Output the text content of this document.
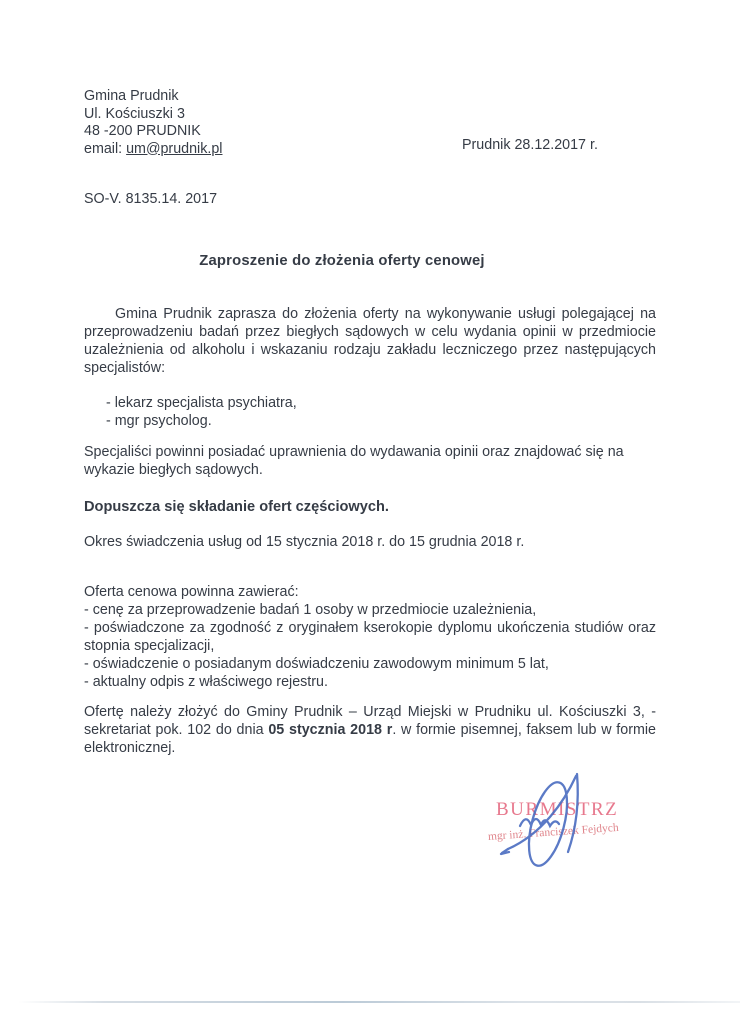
Gmina Prudnik
Ul. Kościuszki 3
48 -200 PRUDNIK
email: um@prudnik.pl	Prudnik 28.12.2017 r.
SO-V. 8135.14. 2017
Zaproszenie do złożenia oferty cenowej
Gmina Prudnik zaprasza do złożenia oferty na wykonywanie usługi polegającej na przeprowadzeniu badań przez biegłych sądowych w celu wydania opinii w przedmiocie uzależnienia od alkoholu i wskazaniu rodzaju zakładu leczniczego przez następujących specjalistów:
- lekarz specjalista psychiatra,
- mgr psycholog.
Specjaliści powinni posiadać uprawnienia do wydawania opinii oraz znajdować się na wykazie biegłych sądowych.
Dopuszcza się składanie ofert częściowych.
Okres świadczenia usług od 15 stycznia 2018 r. do 15 grudnia 2018 r.
Oferta cenowa powinna zawierać:
- cenę za przeprowadzenie badań 1 osoby w przedmiocie uzależnienia,
- poświadczone za zgodność z oryginałem kserokopie dyplomu ukończenia studiów oraz stopnia specjalizacji,
- oświadczenie o posiadanym doświadczeniu zawodowym minimum 5 lat,
- aktualny odpis z właściwego rejestru.
Ofertę należy złożyć do Gminy Prudnik – Urząd Miejski w Prudniku ul. Kościuszki 3, - sekretariat pok. 102 do dnia 05 stycznia 2018 r. w formie pisemnej, faksem lub w formie elektronicznej.
BURMISTRZ
mgr inż. Franciszek Fejdych
